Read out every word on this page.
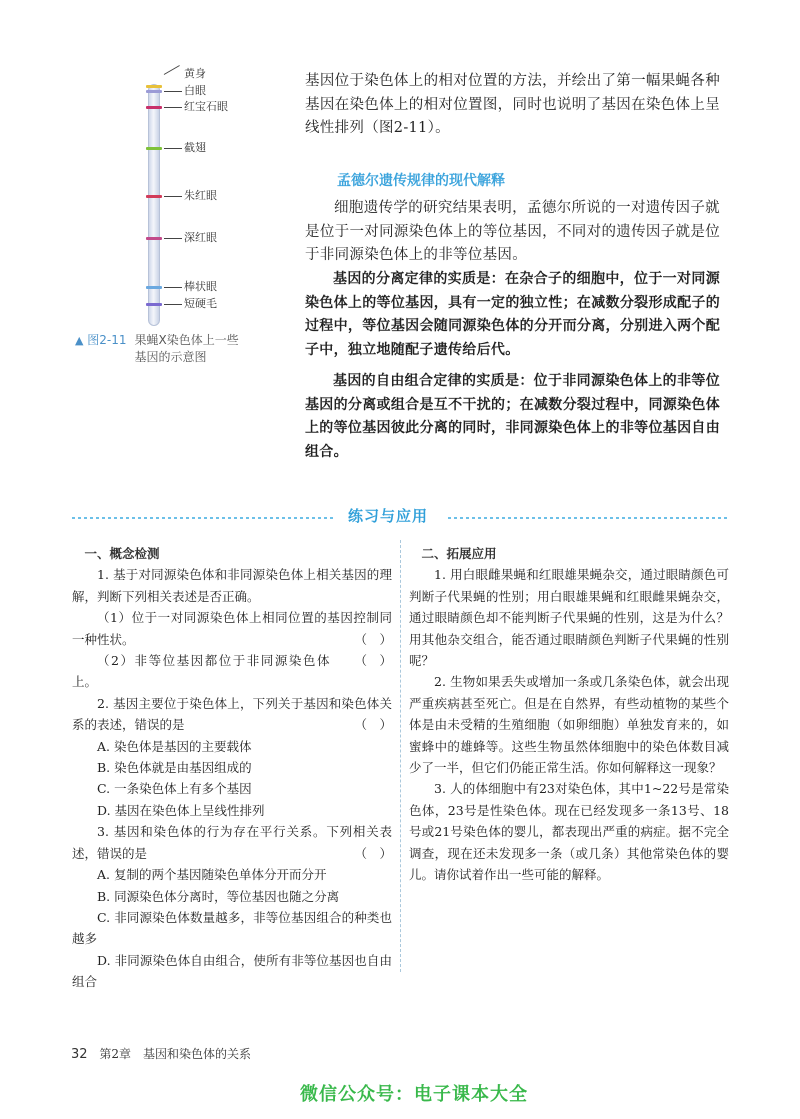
黄身
白眼
红宝石眼
截翅
朱红眼
深红眼
棒状眼
短硬毛
▲ 图2-11 果蝇X染色体上一些基因的示意图
基因位于染色体上的相对位置的方法，并绘出了第一幅果蝇各种基因在染色体上的相对位置图，同时也说明了基因在染色体上呈线性排列（图2-11）。
孟德尔遗传规律的现代解释
细胞遗传学的研究结果表明，孟德尔所说的一对遗传因子就是位于一对同源染色体上的等位基因，不同对的遗传因子就是位于非同源染色体上的非等位基因。
基因的分离定律的实质是：在杂合子的细胞中，位于一对同源染色体上的等位基因，具有一定的独立性；在减数分裂形成配子的过程中，等位基因会随同源染色体的分开而分离，分别进入两个配子中，独立地随配子遗传给后代。
基因的自由组合定律的实质是：位于非同源染色体上的非等位基因的分离或组合是互不干扰的；在减数分裂过程中，同源染色体上的等位基因彼此分离的同时，非同源染色体上的非等位基因自由组合。
练习与应用

一、概念检测

1. 基于对同源染色体和非同源染色体上相关基因的理解，判断下列相关表述是否正确。

（1）位于一对同源染色体上相同位置的基因控制同一种性状。	（　）

（2）非等位基因都位于非同源染色体上。
（　）

2. 基因主要位于染色体上，下列关于基因和染色体关系的表述，错误的是	（　）

A. 染色体是基因的主要载体

B. 染色体就是由基因组成的

C. 一条染色体上有多个基因

D. 基因在染色体上呈线性排列

3. 基因和染色体的行为存在平行关系。下列相关表述，错误的是	（　）

A. 复制的两个基因随染色单体分开而分开

B. 同源染色体分离时，等位基因也随之分离

C. 非同源染色体数量越多，非等位基因组合的种类也越多

D. 非同源染色体自由组合，使所有非等位基因也自由组合

二、拓展应用

1. 用白眼雌果蝇和红眼雄果蝇杂交，通过眼睛颜色可判断子代果蝇的性别；用白眼雄果蝇和红眼雌果蝇杂交，通过眼睛颜色却不能判断子代果蝇的性别，这是为什么？用其他杂交组合，能否通过眼睛颜色判断子代果蝇的性别呢？

2. 生物如果丢失或增加一条或几条染色体，就会出现严重疾病甚至死亡。但是在自然界，有些动植物的某些个体是由未受精的生殖细胞（如卵细胞）单独发育来的，如蜜蜂中的雄蜂等。这些生物虽然体细胞中的染色体数目减少了一半，但它们仍能正常生活。你如何解释这一现象？

3. 人的体细胞中有23对染色体，其中1~22号是常染色体，23号是性染色体。现在已经发现多一条13号、18号或21号染色体的婴儿，都表现出严重的病症。据不完全调查，现在还未发现多一条（或几条）其他常染色体的婴儿。请你试着作出一些可能的解释。

32 第2章　基因和染色体的关系
微信公众号：电子课本大全
